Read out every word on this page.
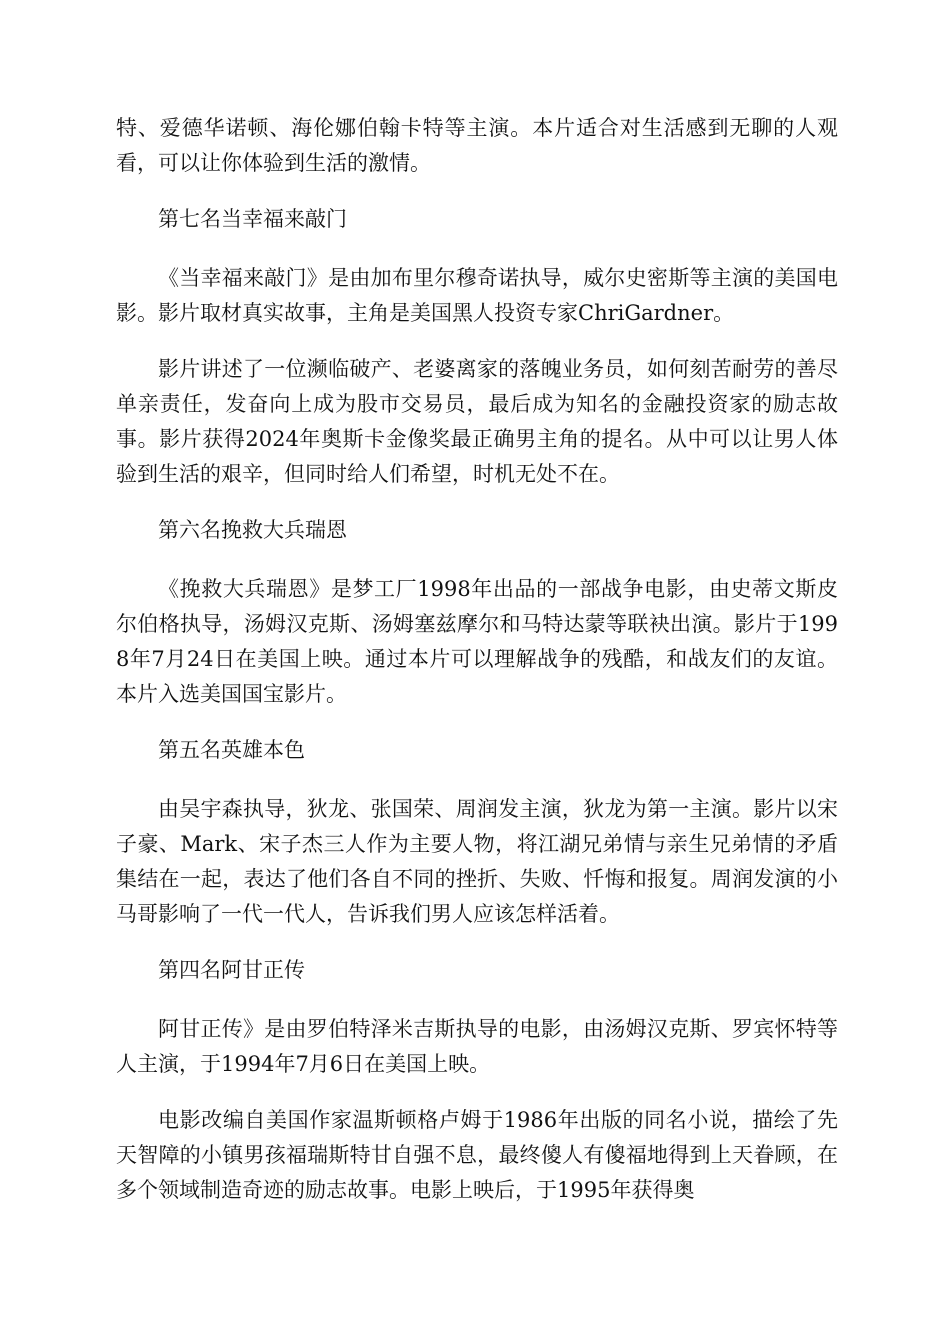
特、爱德华诺顿、海伦娜伯翰卡特等主演。本片适合对生活感到无聊的人观看，可以让你体验到生活的激情。

第七名当幸福来敲门

《当幸福来敲门》是由加布里尔穆奇诺执导，威尔史密斯等主演的美国电影。影片取材真实故事，主角是美国黑人投资专家ChriGardner。

影片讲述了一位濒临破产、老婆离家的落魄业务员，如何刻苦耐劳的善尽单亲责任，发奋向上成为股市交易员，最后成为知名的金融投资家的励志故事。影片获得2024年奥斯卡金像奖最正确男主角的提名。从中可以让男人体验到生活的艰辛，但同时给人们希望，时机无处不在。

第六名挽救大兵瑞恩

《挽救大兵瑞恩》是梦工厂1998年出品的一部战争电影，由史蒂文斯皮尔伯格执导，汤姆汉克斯、汤姆塞兹摩尔和马特达蒙等联袂出演。影片于1998年7月24日在美国上映。通过本片可以理解战争的残酷，和战友们的友谊。本片入选美国国宝影片。

第五名英雄本色

由吴宇森执导，狄龙、张国荣、周润发主演，狄龙为第一主演。影片以宋子豪、Mark、宋子杰三人作为主要人物，将江湖兄弟情与亲生兄弟情的矛盾集结在一起，表达了他们各自不同的挫折、失败、忏悔和报复。周润发演的小马哥影响了一代一代人，告诉我们男人应该怎样活着。

第四名阿甘正传

阿甘正传》是由罗伯特泽米吉斯执导的电影，由汤姆汉克斯、罗宾怀特等人主演，于1994年7月6日在美国上映。

电影改编自美国作家温斯顿格卢姆于1986年出版的同名小说，描绘了先天智障的小镇男孩福瑞斯特甘自强不息，最终傻人有傻福地得到上天眷顾，在多个领域制造奇迹的励志故事。电影上映后，于1995年获得奥
